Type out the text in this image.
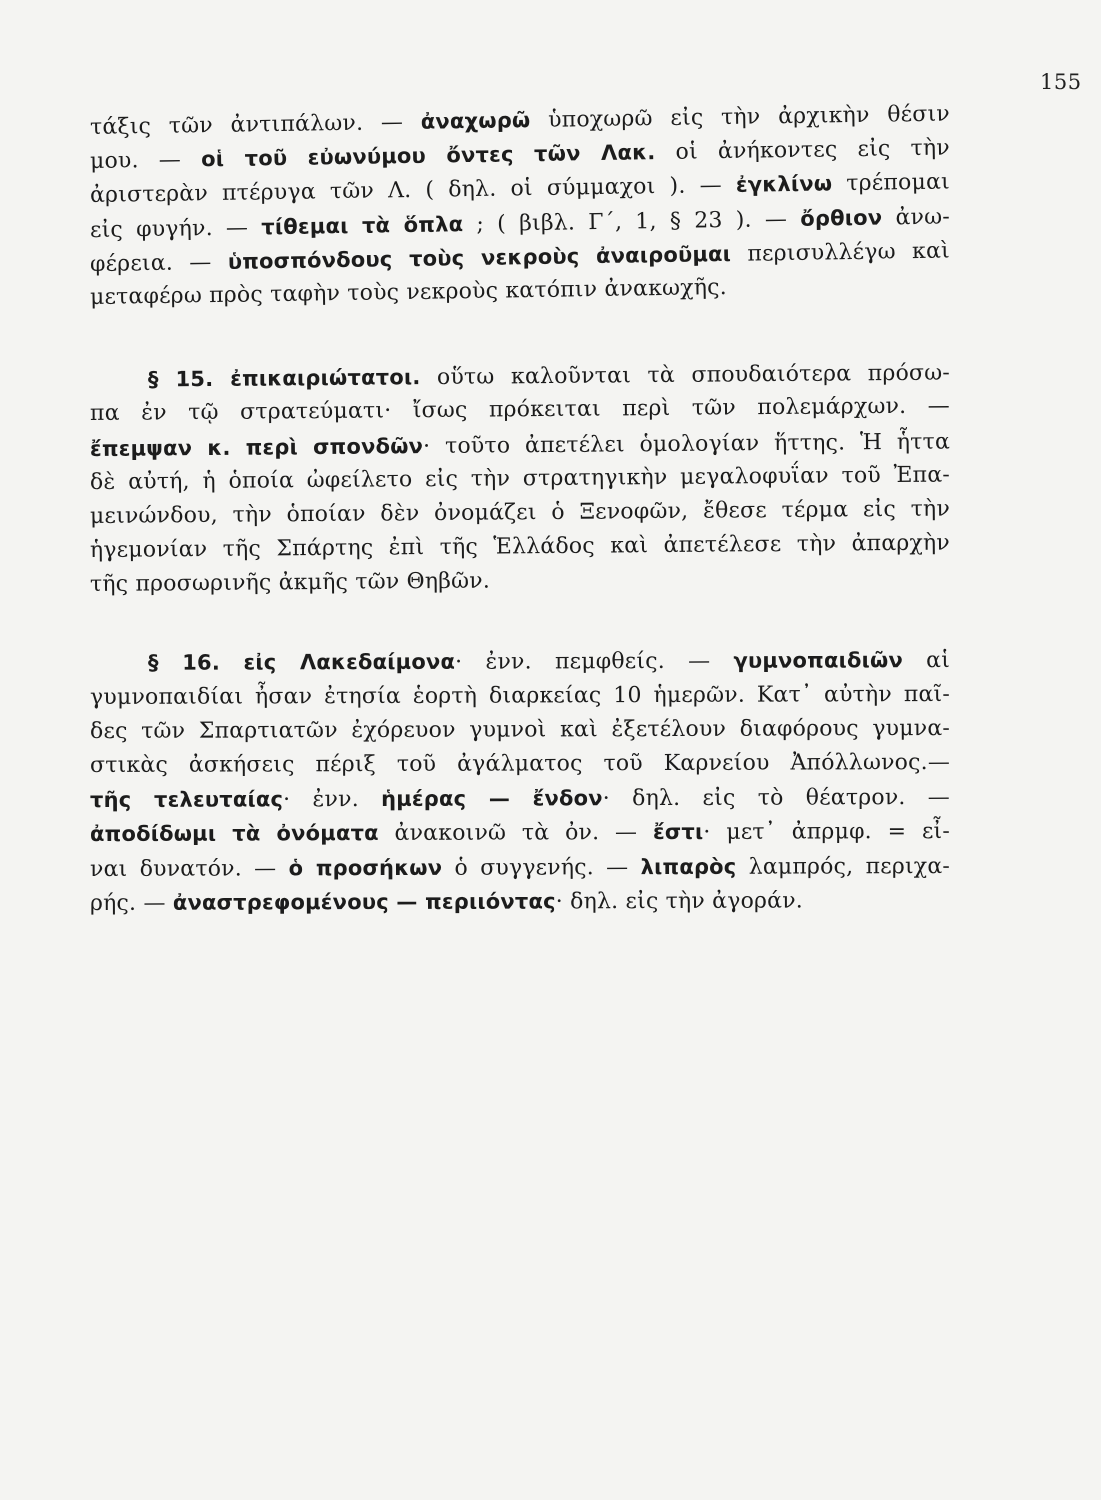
155
τάξις τῶν ἀντιπάλων. — ἀναχωρῶ ὑποχωρῶ εἰς τὴν ἀρχικὴν θέσιν
μου. — οἱ τοῦ εὐωνύμου ὄντες τῶν Λακ. οἱ ἀνήκοντες εἰς τὴν
ἀριστερὰν πτέρυγα τῶν Λ. ( δηλ. οἱ σύμμαχοι ). — ἐγκλίνω τρέπομαι
εἰς φυγήν. — τίθεμαι τὰ ὅπλα ; ( βιβλ. Γ΄, 1, § 23 ). — ὄρθιον ἀνω-
φέρεια. — ὑποσπόνδους τοὺς νεκροὺς ἀναιροῦμαι περισυλλέγω καὶ
μεταφέρω πρὸς ταφὴν τοὺς νεκροὺς κατόπιν ἀνακωχῆς.
§ 15. ἐπικαιριώτατοι. οὕτω καλοῦνται τὰ σπουδαιότερα πρόσω-
πα ἐν τῷ στρατεύματι· ἴσως πρόκειται περὶ τῶν πολεμάρχων. —
ἔπεμψαν κ. περὶ σπονδῶν· τοῦτο ἀπετέλει ὁμολογίαν ἥττης. Ἡ ἧττα
δὲ αὐτή, ἡ ὁποία ὠφείλετο εἰς τὴν στρατηγικὴν μεγαλοφυΐαν τοῦ Ἐπα-
μεινώνδου, τὴν ὁποίαν δὲν ὀνομάζει ὁ Ξενοφῶν, ἔθεσε τέρμα εἰς τὴν
ἡγεμονίαν τῆς Σπάρτης ἐπὶ τῆς Ἑλλάδος καὶ ἀπετέλεσε τὴν ἀπαρχὴν
τῆς προσωρινῆς ἀκμῆς τῶν Θηβῶν.
§ 16. εἰς Λακεδαίμονα· ἐνν. πεμφθείς. — γυμνοπαιδιῶν αἱ
γυμνοπαιδίαι ἦσαν ἐτησία ἑορτὴ διαρκείας 10 ἡμερῶν. Κατ᾽ αὐτὴν παῖ-
δες τῶν Σπαρτιατῶν ἐχόρευον γυμνοὶ καὶ ἐξετέλουν διαφόρους γυμνα-
στικὰς ἀσκήσεις πέριξ τοῦ ἀγάλματος τοῦ Καρνείου Ἀπόλλωνος.—
τῆς τελευταίας· ἐνν. ἡμέρας — ἔνδον· δηλ. εἰς τὸ θέατρον. —
ἀποδίδωμι τὰ ὀνόματα ἀνακοινῶ τὰ ὀν. — ἔστι· μετ᾽ ἀπρμφ. = εἶ-
ναι δυνατόν. — ὁ προσήκων ὁ συγγενής. — λιπαρὸς λαμπρός, περιχα-
ρής. — ἀναστρεφομένους — περιιόντας· δηλ. εἰς τὴν ἀγοράν.
